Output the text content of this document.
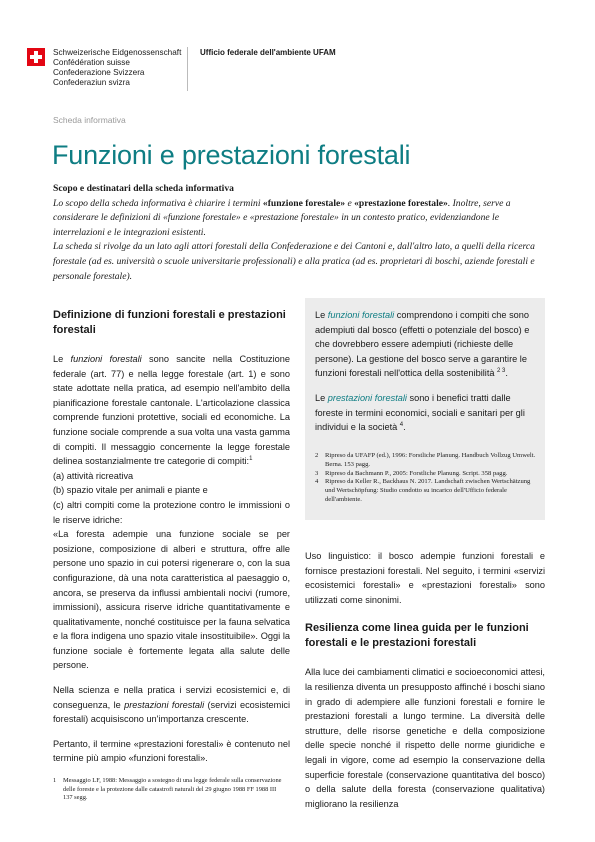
Schweizerische Eidgenossenschaft
Confédération suisse
Confederazione Svizzera
Confederaziun svizra
Ufficio federale dell'ambiente UFAM
Scheda informativa
Funzioni e prestazioni forestali
Scopo e destinatari della scheda informativa

Lo scopo della scheda informativa è chiarire i termini «funzione forestale» e «prestazione forestale». Inoltre, serve a considerare le definizioni di «funzione forestale» e «prestazione forestale» in un contesto pratico, evidenziandone le interrelazioni e le integrazioni esistenti.

La scheda si rivolge da un lato agli attori forestali della Confederazione e dei Cantoni e, dall'altro lato, a quelli della ricerca forestale (ad es. università o scuole universitarie professionali) e alla pratica (ad es. proprietari di boschi, aziende forestali e personale forestale).

Definizione di funzioni forestali e prestazioni forestali

Le funzioni forestali sono sancite nella Costituzione federale (art. 77) e nella legge forestale (art. 1) e sono state adottate nella pratica, ad esempio nell'ambito della pianificazione forestale cantonale. L'articolazione classica comprende funzioni protettive, sociali ed economiche. La funzione sociale comprende a sua volta una vasta gamma di compiti. Il messaggio concernente la legge forestale delinea sostanzialmente tre categorie di compiti:$^1$

(a) attività ricreativa

(b) spazio vitale per animali e piante e

(c) altri compiti come la protezione contro le immissioni o le riserve idriche:

«La foresta adempie una funzione sociale se per posizione, composizione di alberi e struttura, offre alle persone uno spazio in cui potersi rigenerare o, con la sua configurazione, dà una nota caratteristica al paesaggio o, ancora, se preserva da influssi ambientali nocivi (rumore, immissioni), assicura riserve idriche quantitativamente e qualitativamente, nonché costituisce per la fauna selvatica e la flora indigena uno spazio vitale insostituibile». Oggi la funzione sociale è fortemente legata alla salute delle persone.

Nella scienza e nella pratica i servizi ecosistemici e, di conseguenza, le prestazioni forestali (servizi ecosistemici forestali) acquisiscono un'importanza crescente.

Pertanto, il termine «prestazioni forestali» è contenuto nel termine più ampio «funzioni forestali».

Le funzioni forestali comprendono i compiti che sono adempiuti dal bosco (effetti o potenziale del bosco) e che dovrebbero essere adempiuti (richieste delle persone). La gestione del bosco serve a garantire le funzioni forestali nell'ottica della sostenibilità $^{2 3}$.

Le prestazioni forestali sono i benefici tratti dalle foreste in termini economici, sociali e sanitari per gli individui e la società $^4$.

2	Ripreso da UFAFP (ed.), 1996: Forstliche Planung. Handbuch Vollzug Umwelt. Berna. 153 pagg.
3	Ripreso da Bachmann P., 2005: Forstliche Planung. Script. 358 pagg.
4	Ripreso da Keller R., Backhaus N. 2017. Landschaft zwischen Wertschätzung und Wertschöpfung: Studio condotto su incarico dell'Ufficio federale dell'ambiente.

Uso linguistico: il bosco adempie funzioni forestali e fornisce prestazioni forestali. Nel seguito, i termini «servizi ecosistemici forestali» e «prestazioni forestali» sono utilizzati come sinonimi.

Resilienza come linea guida per le funzioni forestali e le prestazioni forestali

Alla luce dei cambiamenti climatici e socioeconomici attesi, la resilienza diventa un presupposto affinché i boschi siano in grado di adempiere alle funzioni forestali e fornire le prestazioni forestali a lungo termine. La diversità delle strutture, delle risorse genetiche e della composizione delle specie nonché il rispetto delle norme giuridiche e legali in vigore, come ad esempio la conservazione della superficie forestale (conservazione quantitativa del bosco) o della salute della foresta (conservazione qualitativa) migliorano la resilienza

1	Messaggio LF, 1988: Messaggio a sostegno di una legge federale sulla conservazione delle foreste e la protezione dalle catastrofi naturali del 29 giugno 1988 FF 1988 III 137 segg.
